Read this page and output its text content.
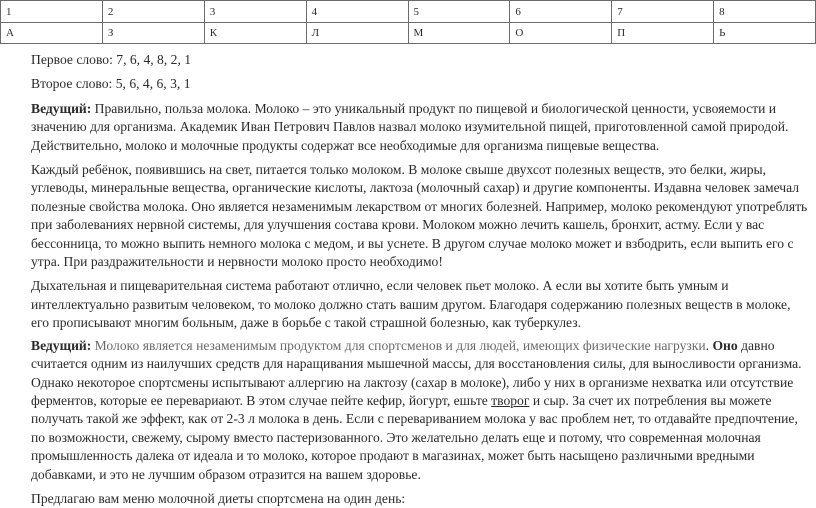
1	2	3	4	5	6	7	8
А	З	К	Л	М	О	П	Ь

Первое слово: 7, 6, 4, 8, 2, 1

Второе слово: 5, 6, 4, 6, 3, 1

Ведущий: Правильно, польза молока. Молоко – это уникальный продукт по пищевой и биологической ценности, усвояемости и значению для организма. Академик Иван Петрович Павлов назвал молоко изумительной пищей, приготовленной самой природой. Действительно, молоко и молочные продукты содержат все необходимые для организма пищевые вещества.

Каждый ребёнок, появившись на свет, питается только молоком. В молоке свыше двухсот полезных веществ, это белки, жиры, углеводы, минеральные вещества, органические кислоты, лактоза (молочный сахар) и другие компоненты. Издавна человек замечал полезные свойства молока. Оно является незаменимым лекарством от многих болезней. Например, молоко рекомендуют употреблять при заболеваниях нервной системы, для улучшения состава крови. Молоком можно лечить кашель, бронхит, астму. Если у вас бессонница, то можно выпить немного молока с медом, и вы уснете. В другом случае молоко может и взбодрить, если выпить его с утра. При раздражительности и нервности молоко просто необходимо!

Дыхательная и пищеварительная система работают отлично, если человек пьет молоко. А если вы хотите быть умным и интеллектуально развитым человеком, то молоко должно стать вашим другом. Благодаря содержанию полезных веществ в молоке, его прописывают многим больным, даже в борьбе с такой страшной болезнью, как туберкулез.

Ведущий: Молоко является незаменимым продуктом для спортсменов и для людей, имеющих физические нагрузки. Оно давно считается одним из наилучших средств для наращивания мышечной массы, для восстановления силы, для выносливости организма. Однако некоторое спортсмены испытывают аллергию на лактозу (сахар в молоке), либо у них в организме нехватка или отсутствие ферментов, которые ее перевариают. В этом случае пейте кефир, йогурт, ешьте творог и сыр. За счет их потребления вы можете получать такой же эффект, как от 2-3 л молока в день. Если с перевариванием молока у вас проблем нет, то отдавайте предпочтение, по возможности, свежему, сырому вместо пастеризованного. Это желательно делать еще и потому, что современная молочная промышленность далека от идеала и то молоко, которое продают в магазинах, может быть насыщено различными вредными добавками, и это не лучшим образом отразится на вашем здоровье.

Предлагаю вам меню молочной диеты спортсмена на один день:
